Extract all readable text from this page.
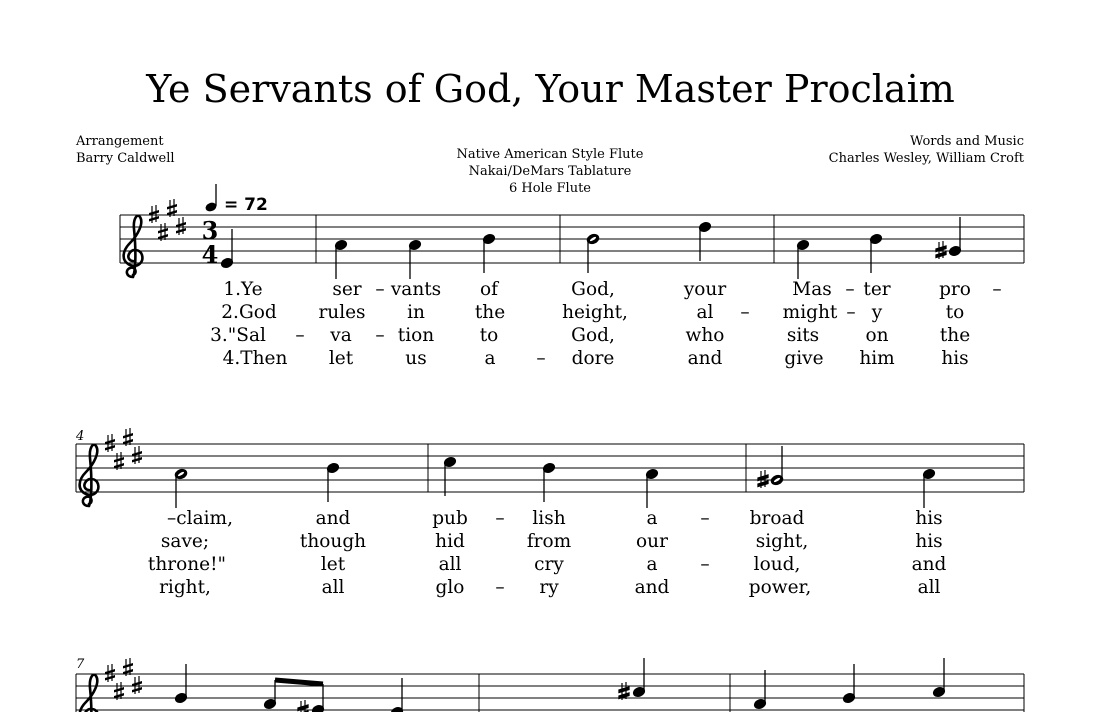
Ye Servants of God, Your Master Proclaim
Arrangement
Barry Caldwell	Native American Style Flute
Nakai/DeMars Tablature
6 Hole Flute
Words and Music
Charles Wesley, William Croft
3
4
= 72
4
7
1.Ye	ser – vants of	God,	your	Mas – ter	pro –
2.God rules in	the	height,	al – might – y	to
3."Sal – va – tion to	God,	who	sits	on	the
4.Then let	us	a – dore	and	give him	his
–claim,	and	pub – lish	a – broad	his
save;	though	hid	from	our	sight,	his
throne!"	let	all	cry	a – loud,	and
right,	all	glo – ry	and	power,	all
